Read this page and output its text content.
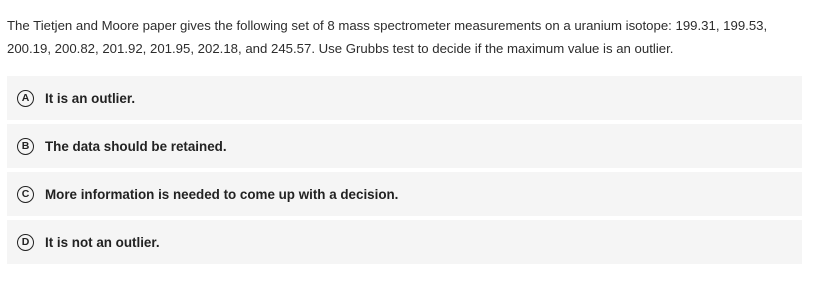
The Tietjen and Moore paper gives the following set of 8 mass spectrometer measurements on a uranium isotope: 199.31, 199.53, 200.19, 200.82, 201.92, 201.95, 202.18, and 245.57. Use Grubbs test to decide if the maximum value is an outlier.

A	It is an outlier.
B	The data should be retained.
C	More information is needed to come up with a decision.
D	It is not an outlier.
